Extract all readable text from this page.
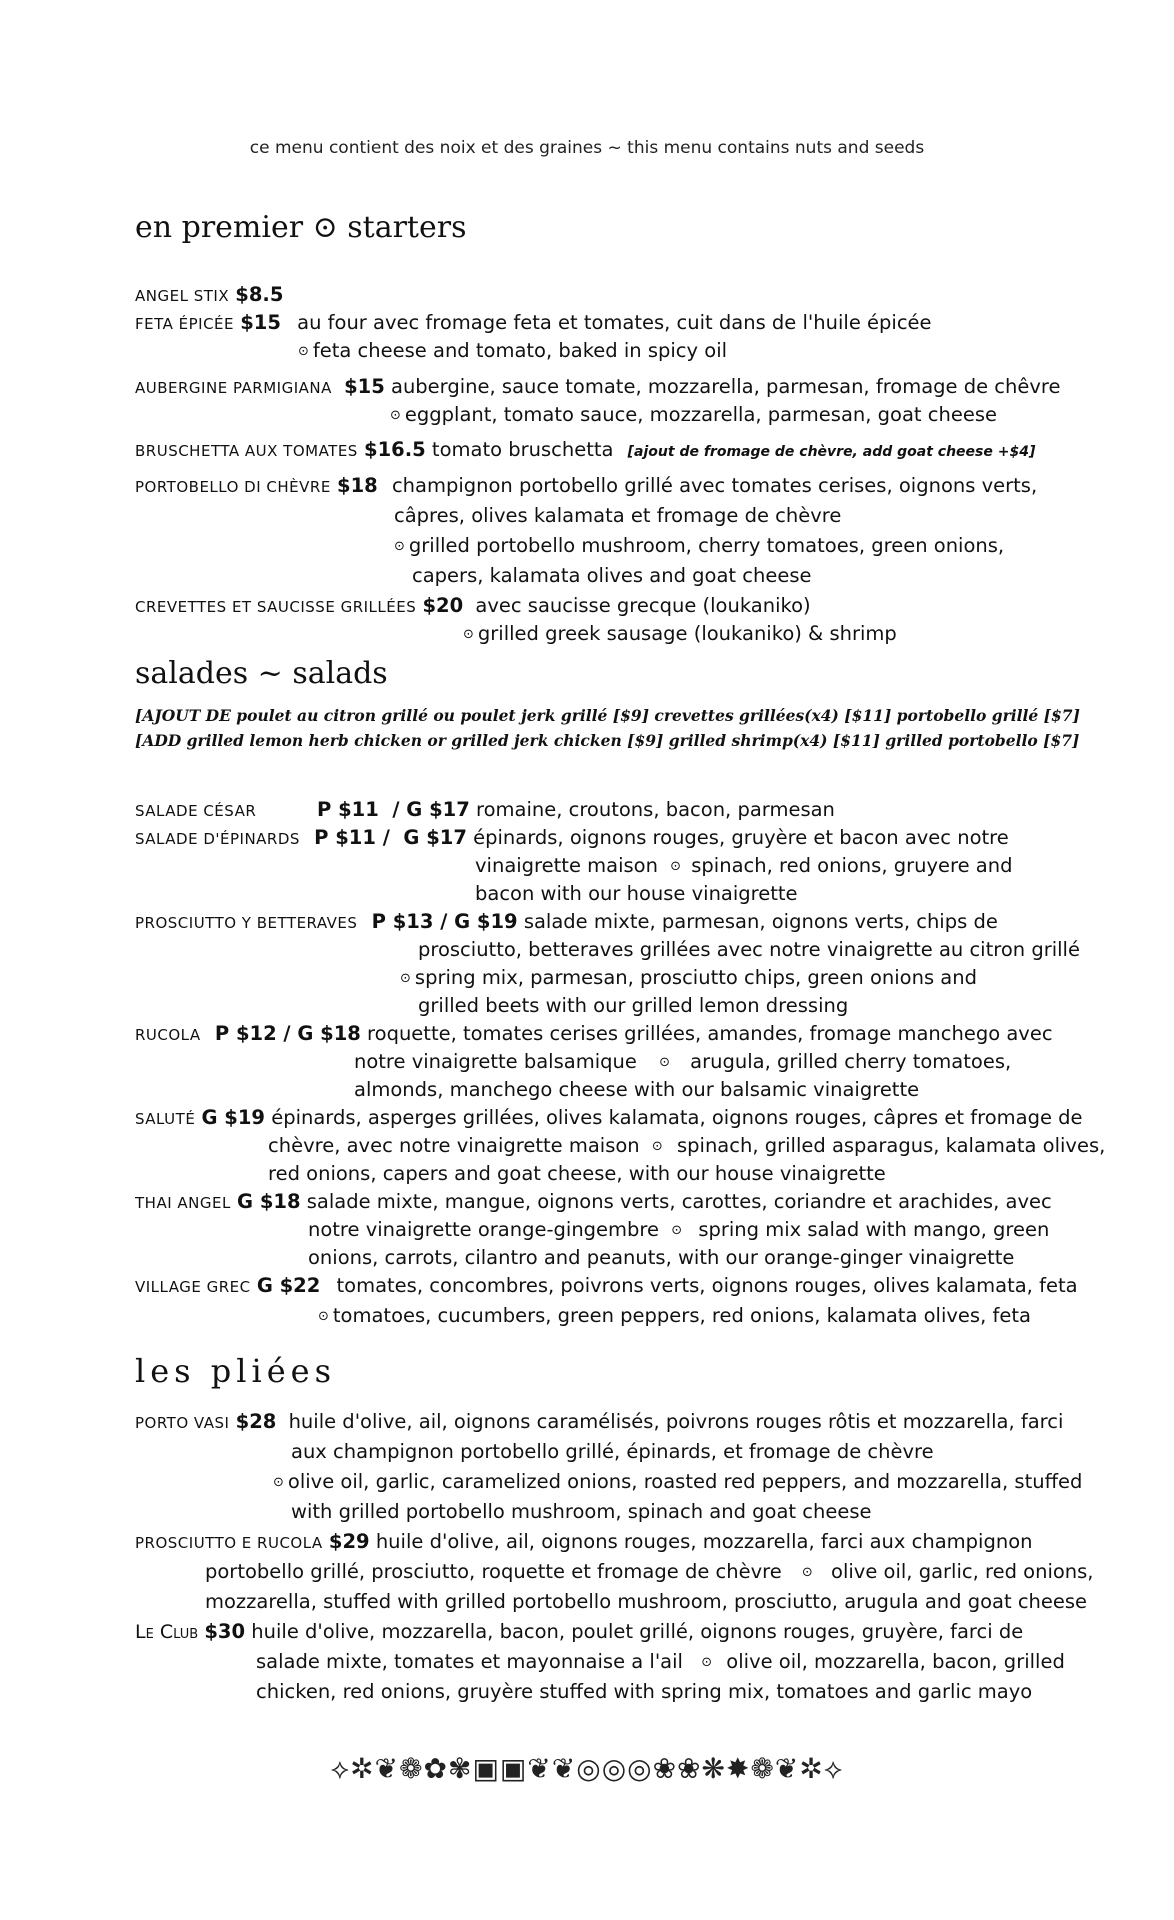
ce menu contient des noix et des graines ~ this menu contains nuts and seeds
en premier ⊙ starters
ANGEL STIX $8.5
FETA ÉPICÉE $15 au four avec fromage feta et tomates, cuit dans de l'huile épicée
⊙ feta cheese and tomato, baked in spicy oil
AUBERGINE PARMIGIANA $15 aubergine, sauce tomate, mozzarella, parmesan, fromage de chêvre
⊙ eggplant, tomato sauce, mozzarella, parmesan, goat cheese
BRUSCHETTA AUX TOMATES $16.5 tomato bruschetta [ajout de fromage de chèvre, add goat cheese +$4]
PORTOBELLO DI CHÈVRE $18 champignon portobello grillé avec tomates cerises, oignons verts,
câpres, olives kalamata et fromage de chèvre
⊙ grilled portobello mushroom, cherry tomatoes, green onions,
capers, kalamata olives and goat cheese
CREVETTES ET SAUCISSE GRILLÉES $20 avec saucisse grecque (loukaniko)
⊙ grilled greek sausage (loukaniko) & shrimp
salades ~ salads
[AJOUT DE poulet au citron grillé ou poulet jerk grillé [$9] crevettes grillées(x4) [$11] portobello grillé [$7]
[ADD grilled lemon herb chicken or grilled jerk chicken [$9] grilled shrimp(x4) [$11] grilled portobello [$7]
SALADE CÉSAR	P $11  / G $17 romaine, croutons, bacon, parmesan
SALADE D'ÉPINARDS P $11 /  G $17 épinards, oignons rouges, gruyère et bacon avec notre
vinaigrette maison ⊙ spinach, red onions, gruyere and
bacon with our house vinaigrette
PROSCIUTTO Y BETTERAVES P $13 / G $19 salade mixte, parmesan, oignons verts, chips de
prosciutto, betteraves grillées avec notre vinaigrette au citron grillé
⊙ spring mix, parmesan, prosciutto chips, green onions and
grilled beets with our grilled lemon dressing
RUCOLA P $12 / G $18 roquette, tomates cerises grillées, amandes, fromage manchego avec
notre vinaigrette balsamique ⊙ arugula, grilled cherry tomatoes,
almonds, manchego cheese with our balsamic vinaigrette
SALUTÉ G $19 épinards, asperges grillées, olives kalamata, oignons rouges, câpres et fromage de
chèvre, avec notre vinaigrette maison ⊙ spinach, grilled asparagus, kalamata olives,
red onions, capers and goat cheese, with our house vinaigrette
THAI ANGEL G $18 salade mixte, mangue, oignons verts, carottes, coriandre et arachides, avec
notre vinaigrette orange-gingembre ⊙ spring mix salad with mango, green
onions, carrots, cilantro and peanuts, with our orange-ginger vinaigrette
VILLAGE GREC G $22 tomates, concombres, poivrons verts, oignons rouges, olives kalamata, feta
⊙ tomatoes, cucumbers, green peppers, red onions, kalamata olives, feta
les pliées
PORTO VASI $28 huile d'olive, ail, oignons caramélisés, poivrons rouges rôtis et mozzarella, farci
aux champignon portobello grillé, épinards, et fromage de chèvre
⊙ olive oil, garlic, caramelized onions, roasted red peppers, and mozzarella, stuffed
with grilled portobello mushroom, spinach and goat cheese
PROSCIUTTO E RUCOLA $29 huile d'olive, ail, oignons rouges, mozzarella, farci aux champignon
portobello grillé, prosciutto, roquette et fromage de chèvre ⊙ olive oil, garlic, red onions,
mozzarella, stuffed with grilled portobello mushroom, prosciutto, arugula and goat cheese
Le Club $30 huile d'olive, mozzarella, bacon, poulet grillé, oignons rouges, gruyère, farci de
salade mixte, tomates et mayonnaise a l'ail ⊙ olive oil, mozzarella, bacon, grilled
chicken, red onions, gruyère stuffed with spring mix, tomatoes and garlic mayo
⟡✲❦❁✿✾▣▣❦❦◎◎◎❀❀❋✸❁❦✲⟡
